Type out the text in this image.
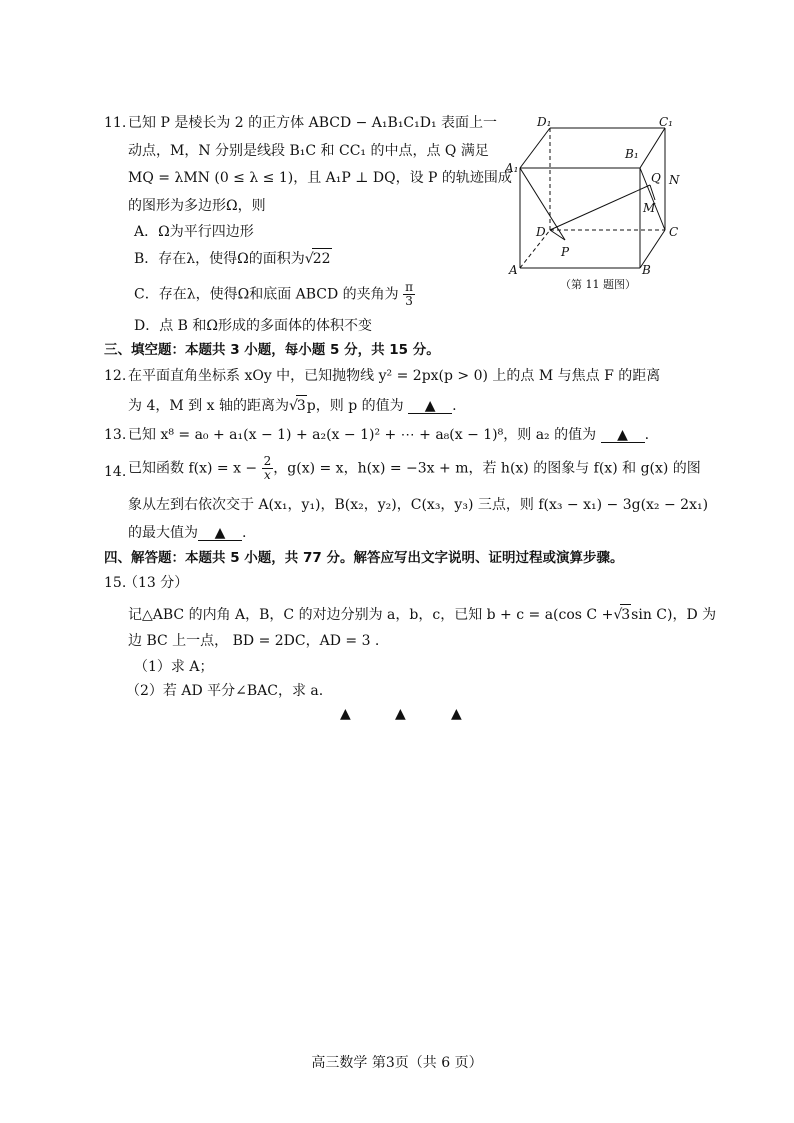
11. 已知 P 是棱长为 2 的正方体 ABCD − A₁B₁C₁D₁ 表面上一
动点，M，N 分别是线段 B₁C 和 CC₁ 的中点，点 Q 满足
MQ = λMN (0 ≤ λ ≤ 1)，且 A₁P ⊥ DQ，设 P 的轨迹围成
的图形为多边形Ω，则
A．Ω为平行四边形
B．存在λ，使得Ω的面积为√22
C．存在λ，使得Ω和底面 ABCD 的夹角为 $\frac{\pi}{3}$
D．点 B 和Ω形成的多面体的体积不变
D₁	C₁
A₁
B₁
Q N
M
D
P
C
A	B
（第 11 题图）
三、填空题：本题共 3 小题，每小题 5 分，共 15 分。
12. 在平面直角坐标系 xOy 中，已知抛物线 y² = 2px(p > 0) 上的点 M 与焦点 F 的距离
为 4，M 到 x 轴的距离为√3p，则 p 的值为 ▲ .
13. 已知 x⁸ = a₀ + a₁(x − 1) + a₂(x − 1)² + ⋯ + a₈(x − 1)⁸，则 a₂ 的值为 ▲ .
14. 已知函数 $f(x) = x - \frac{2}{x}$ ，g(x) = x，h(x) = −3x + m，若 h(x) 的图象与 f(x) 和 g(x) 的图
象从左到右依次交于 A(x₁，y₁)，B(x₂，y₂)，C(x₃，y₃) 三点，则 f(x₃ − x₁) − 3g(x₂ − 2x₁)
的最大值为 ▲ .
四、解答题：本题共 5 小题，共 77 分。解答应写出文字说明、证明过程或演算步骤。
15.
（13 分）
记△ABC 的内角 A，B，C 的对边分别为 a，b，c，已知 b + c = a(cos C +√3sin C)，D 为
边 BC 上一点， BD = 2DC，AD = 3 .
（1）求 A；
（2）若 AD 平分∠BAC，求 a.
▲	▲	▲
高三数学 第3页（共 6 页）
